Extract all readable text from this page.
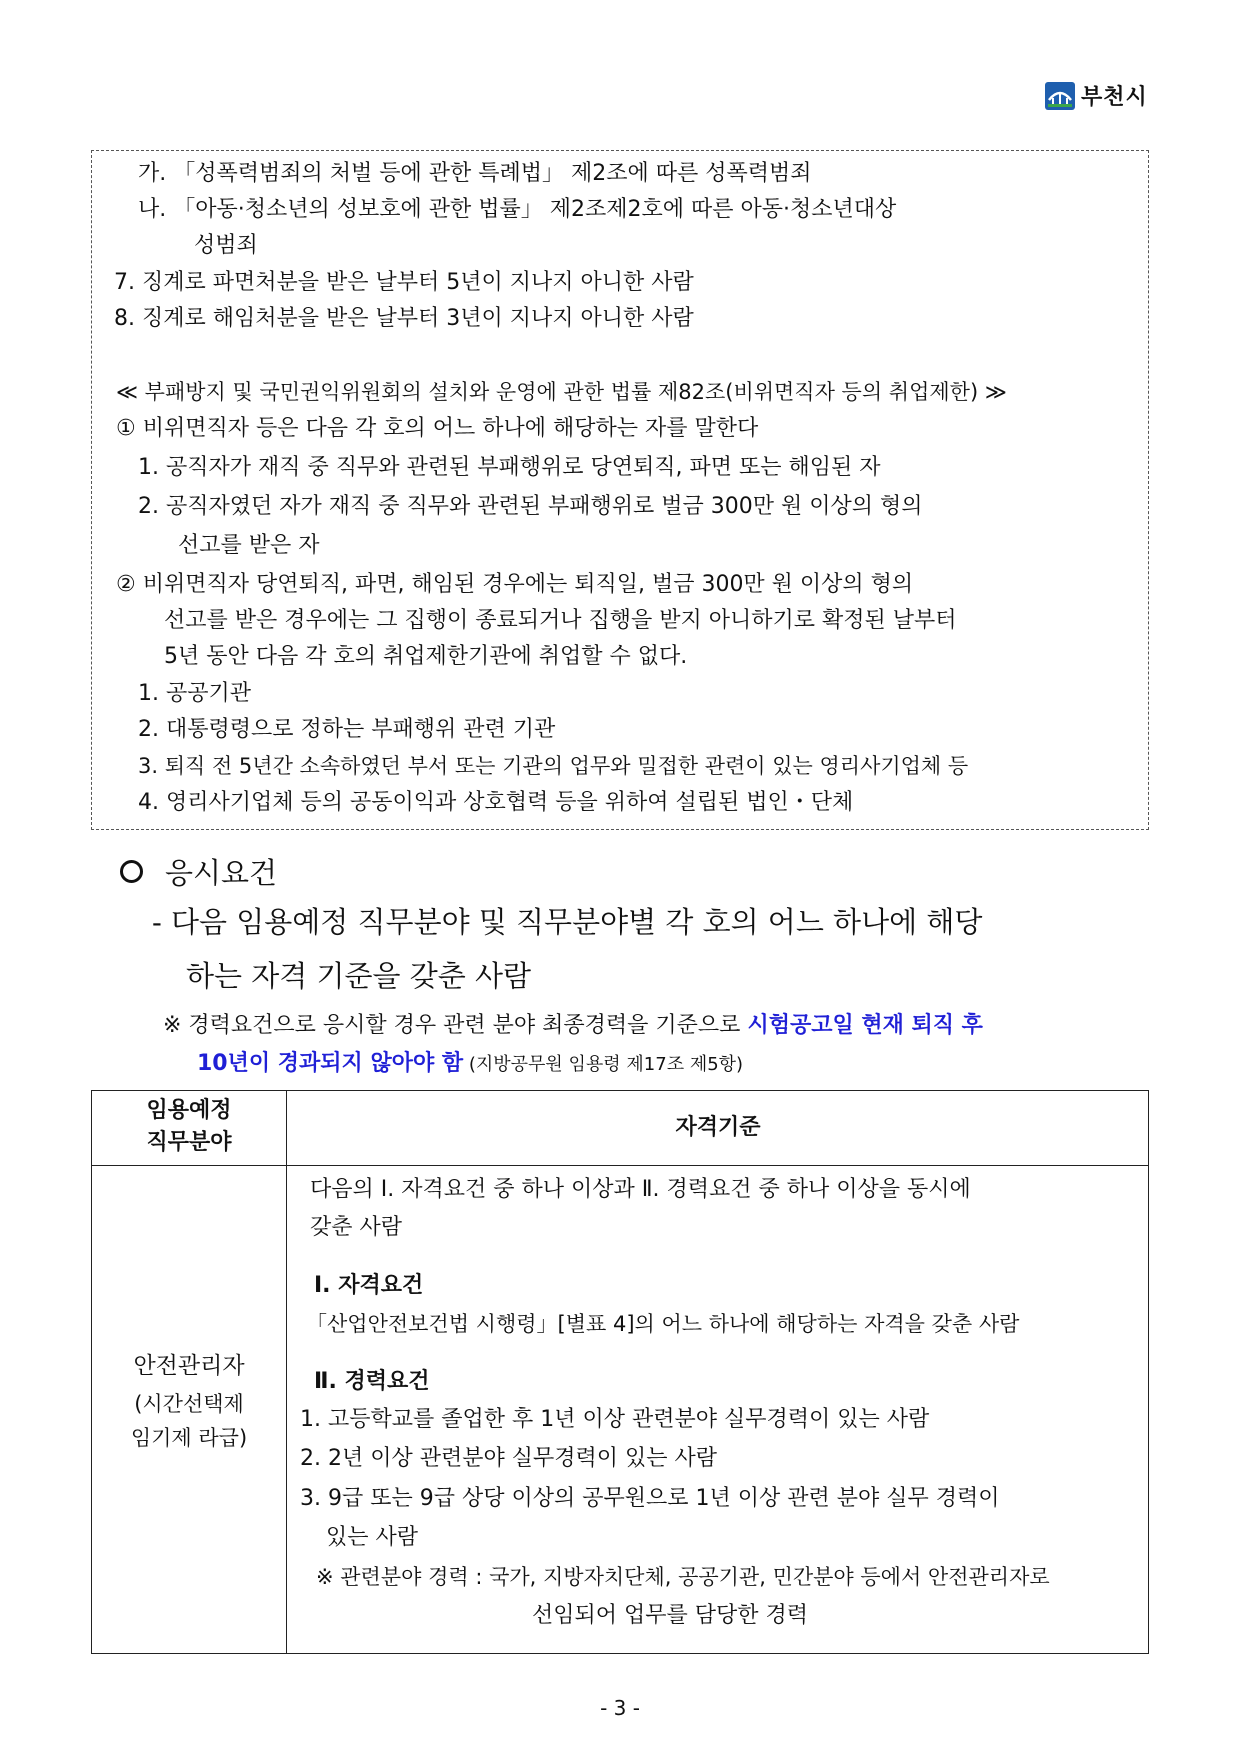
부천시
가. 「성폭력범죄의 처벌 등에 관한 특례법」 제2조에 따른 성폭력범죄
나. 「아동·청소년의 성보호에 관한 법률」 제2조제2호에 따른 아동·청소년대상
성범죄
7. 징계로 파면처분을 받은 날부터 5년이 지나지 아니한 사람
8. 징계로 해임처분을 받은 날부터 3년이 지나지 아니한 사람
≪ 부패방지 및 국민권익위원회의 설치와 운영에 관한 법률 제82조(비위면직자 등의 취업제한) ≫
① 비위면직자 등은 다음 각 호의 어느 하나에 해당하는 자를 말한다
1. 공직자가 재직 중 직무와 관련된 부패행위로 당연퇴직, 파면 또는 해임된 자
2. 공직자였던 자가 재직 중 직무와 관련된 부패행위로 벌금 300만 원 이상의 형의
선고를 받은 자
② 비위면직자 당연퇴직, 파면, 해임된 경우에는 퇴직일, 벌금 300만 원 이상의 형의
선고를 받은 경우에는 그 집행이 종료되거나 집행을 받지 아니하기로 확정된 날부터
5년 동안 다음 각 호의 취업제한기관에 취업할 수 없다.
1. 공공기관
2. 대통령령으로 정하는 부패행위 관련 기관
3. 퇴직 전 5년간 소속하였던 부서 또는 기관의 업무와 밀접한 관련이 있는 영리사기업체 등
4. 영리사기업체 등의 공동이익과 상호협력 등을 위하여 설립된 법인・단체
응시요건
- 다음 임용예정 직무분야 및 직무분야별 각 호의 어느 하나에 해당
하는 자격 기준을 갖춘 사람
※ 경력요건으로 응시할 경우 관련 분야 최종경력을 기준으로 시험공고일 현재 퇴직 후
10년이 경과되지 않아야 함 (지방공무원 임용령 제17조 제5항)
임용예정
직무분야
자격기준
안전관리자
(시간선택제
임기제 라급)
다음의 Ⅰ. 자격요건 중 하나 이상과 Ⅱ. 경력요건 중 하나 이상을 동시에
갖춘 사람
Ⅰ. 자격요건
「산업안전보건법 시행령」[별표 4]의 어느 하나에 해당하는 자격을 갖춘 사람
Ⅱ. 경력요건
1. 고등학교를 졸업한 후 1년 이상 관련분야 실무경력이 있는 사람
2. 2년 이상 관련분야 실무경력이 있는 사람
3. 9급 또는 9급 상당 이상의 공무원으로 1년 이상 관련 분야 실무 경력이
있는 사람
※ 관련분야 경력 : 국가, 지방자치단체, 공공기관, 민간분야 등에서 안전관리자로
선임되어 업무를 담당한 경력
- 3 -
